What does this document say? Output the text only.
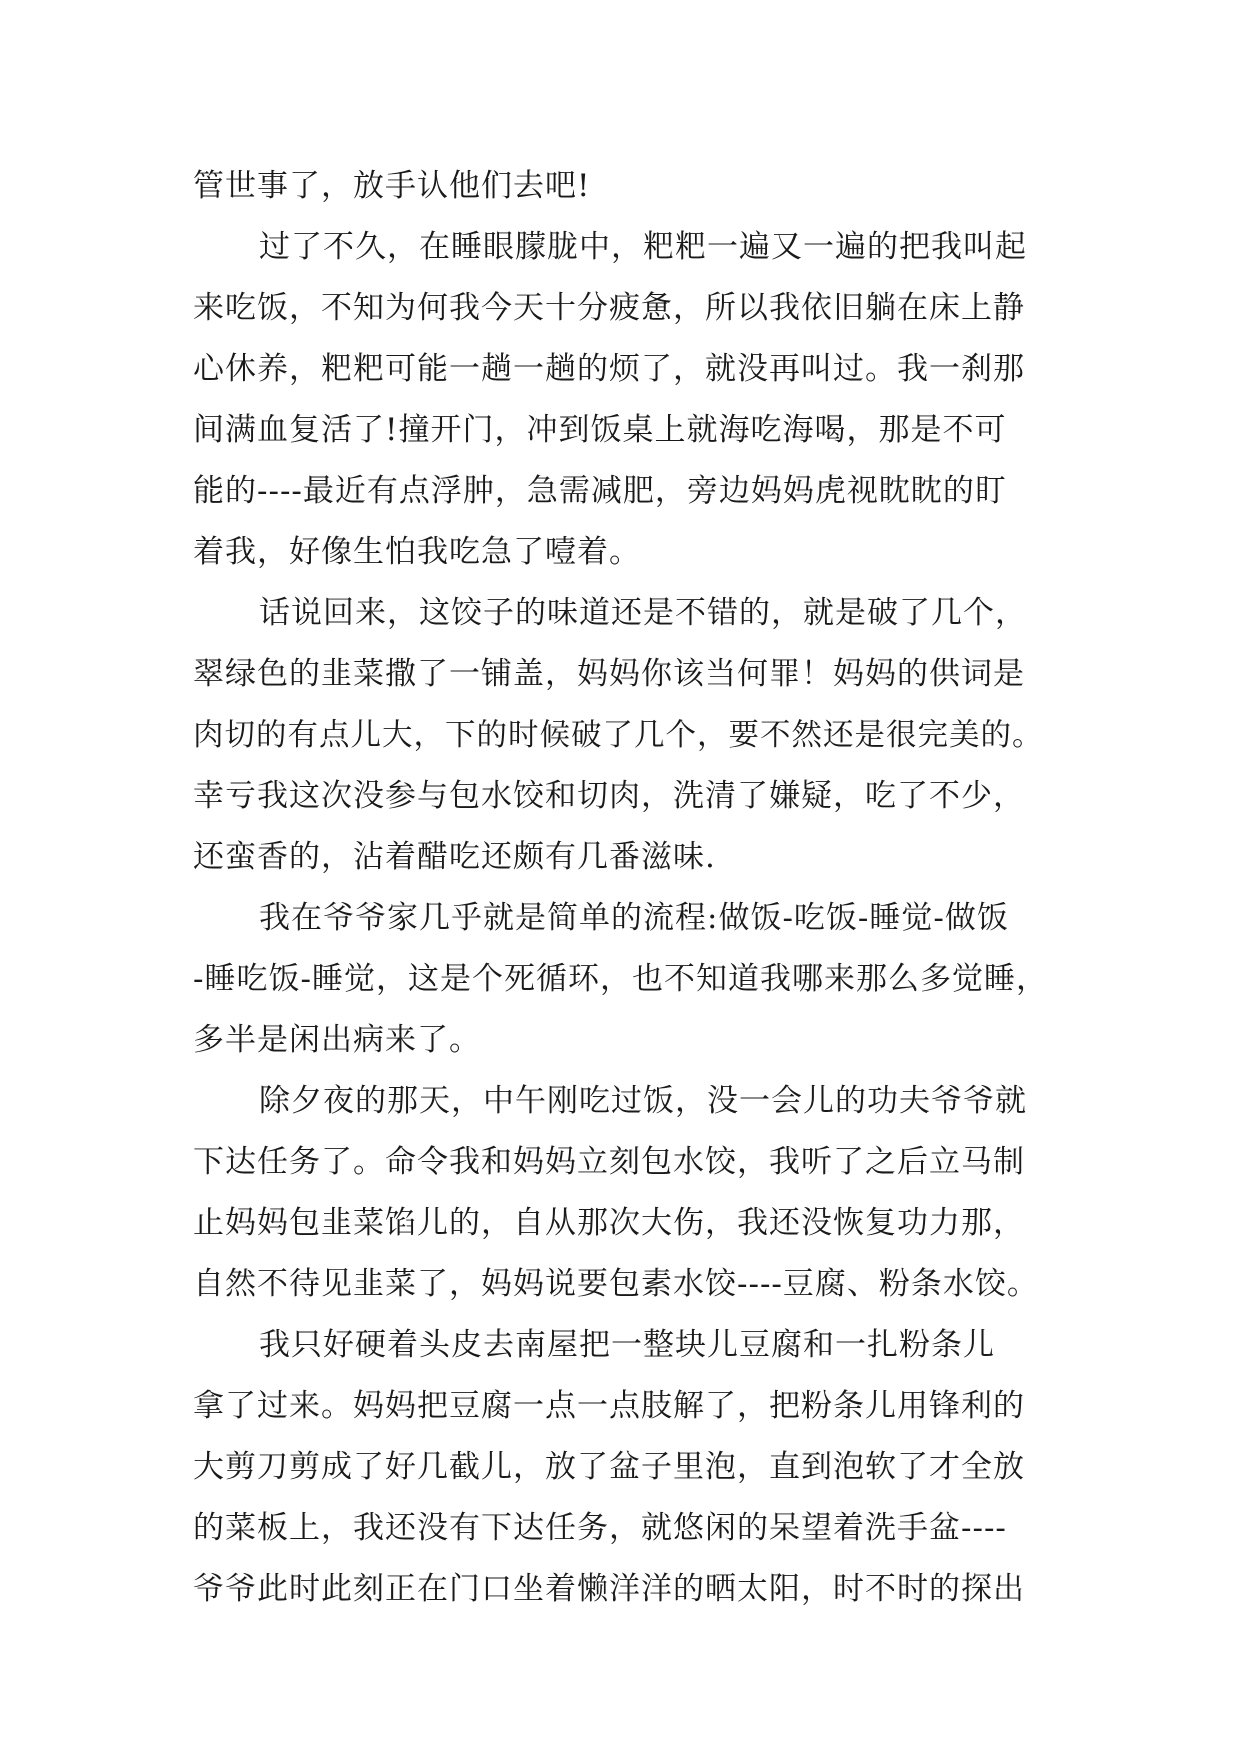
管世事了，放手认他们去吧!
过了不久，在睡眼朦胧中，粑粑一遍又一遍的把我叫起
来吃饭，不知为何我今天十分疲惫，所以我依旧躺在床上静
心休养，粑粑可能一趟一趟的烦了，就没再叫过。我一刹那
间满血复活了!撞开门，冲到饭桌上就海吃海喝，那是不可
能的----最近有点浮肿，急需减肥，旁边妈妈虎视眈眈的盯
着我，好像生怕我吃急了噎着。
话说回来，这饺子的味道还是不错的，就是破了几个，
翠绿色的韭菜撒了一铺盖，妈妈你该当何罪！妈妈的供词是
肉切的有点儿大，下的时候破了几个，要不然还是很完美的。
幸亏我这次没参与包水饺和切肉，洗清了嫌疑，吃了不少，
还蛮香的，沾着醋吃还颇有几番滋味.
我在爷爷家几乎就是简单的流程:做饭-吃饭-睡觉-做饭
-睡吃饭-睡觉，这是个死循环，也不知道我哪来那么多觉睡，
多半是闲出病来了。
除夕夜的那天，中午刚吃过饭，没一会儿的功夫爷爷就
下达任务了。命令我和妈妈立刻包水饺，我听了之后立马制
止妈妈包韭菜馅儿的，自从那次大伤，我还没恢复功力那，
自然不待见韭菜了，妈妈说要包素水饺----豆腐、粉条水饺。
我只好硬着头皮去南屋把一整块儿豆腐和一扎粉条儿
拿了过来。妈妈把豆腐一点一点肢解了，把粉条儿用锋利的
大剪刀剪成了好几截儿，放了盆子里泡，直到泡软了才全放
的菜板上，我还没有下达任务，就悠闲的呆望着洗手盆----
爷爷此时此刻正在门口坐着懒洋洋的晒太阳，时不时的探出
